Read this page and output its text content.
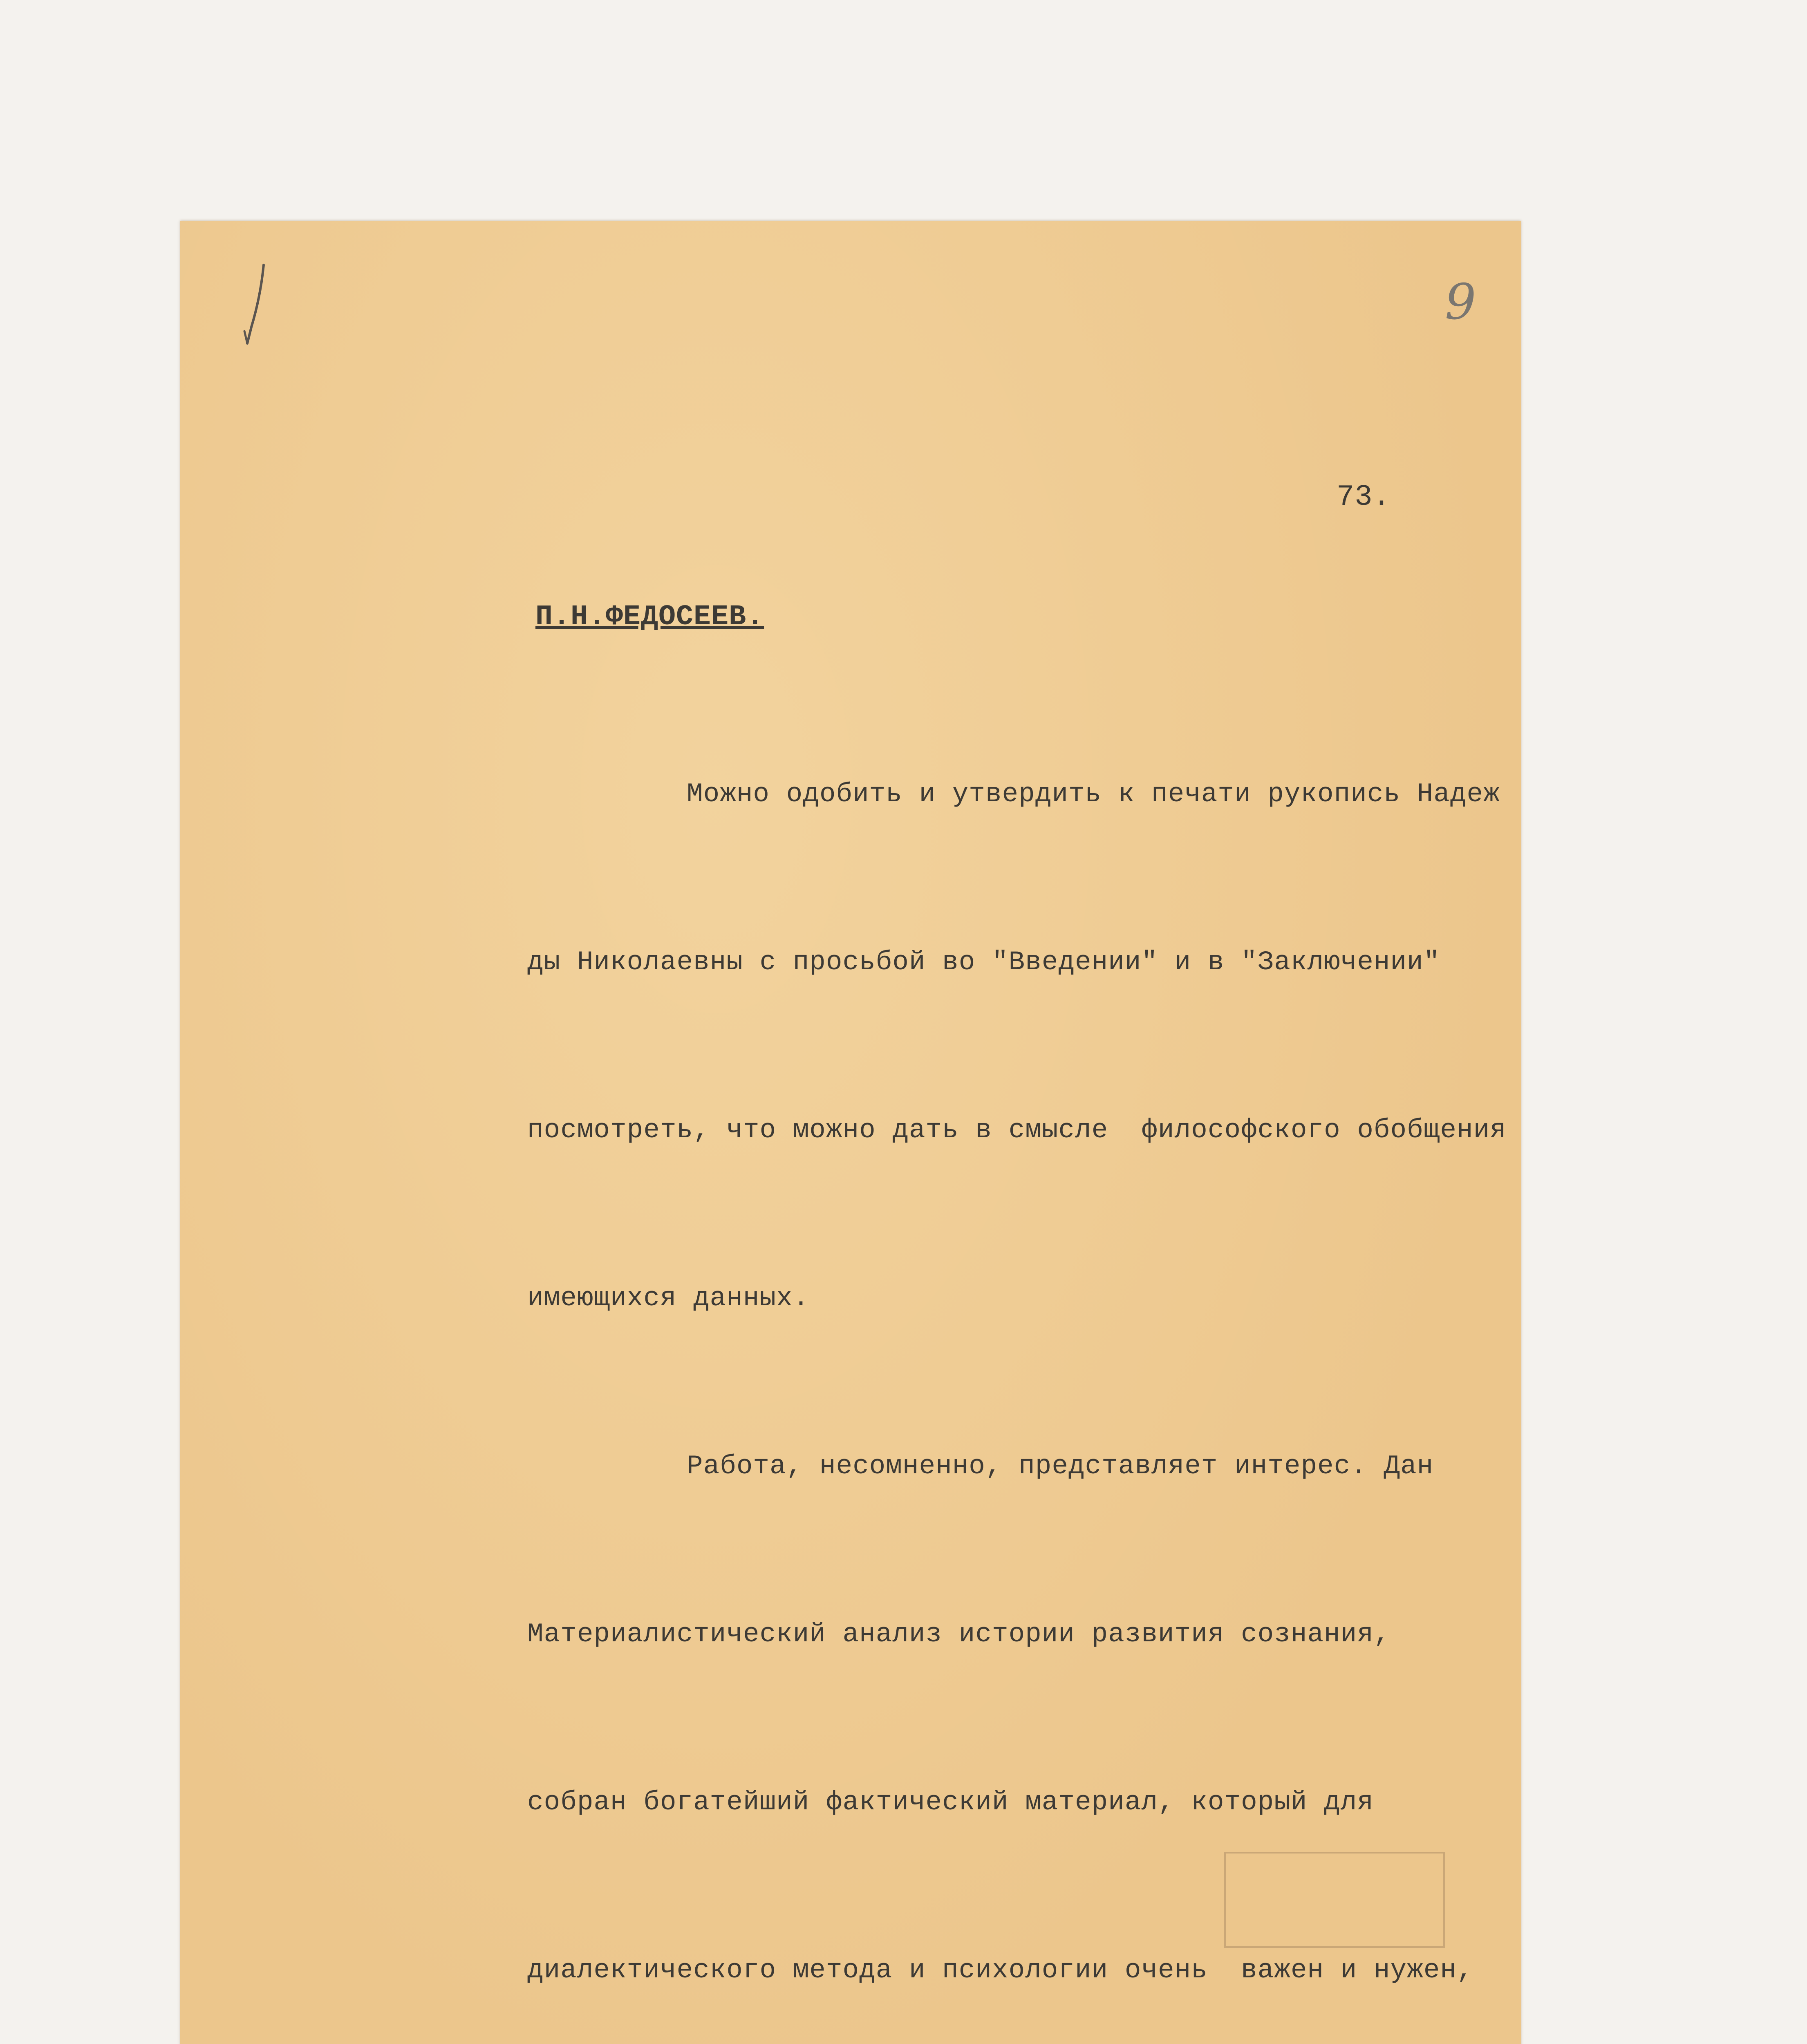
9
73.
П.Н.ФЕДОСЕЕВ.

Можно одобить и утвердить к печати рукопись Надеж

ды Николаевны с просьбой во "Введении" и в "Заключении"

посмотреть, что можно дать в смысле  философского обобщения

имеющихся данных.

Работа, несомненно, представляет интерес. Дан

Материалистический анализ истории развития сознания,

собран богатейший фактический материал, который для

диалектического метода и психологии очень  важен и нужен,
